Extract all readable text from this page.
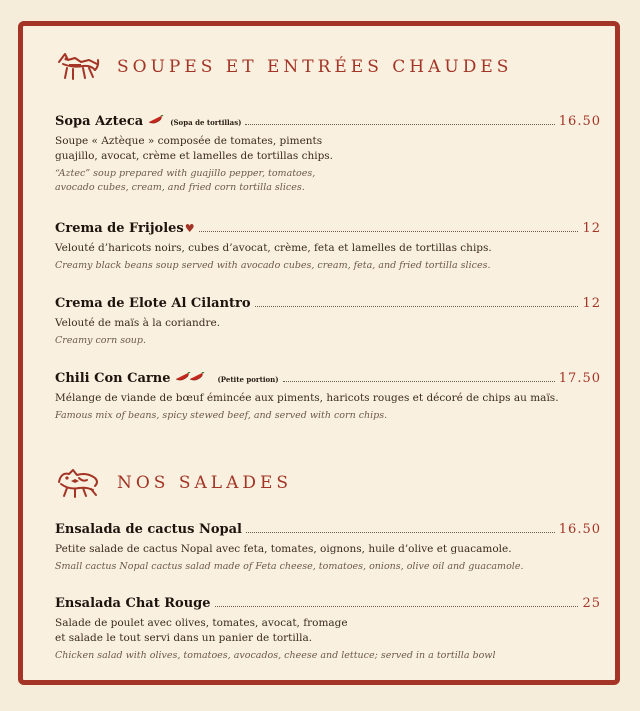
SOUPES ET ENTRÉES CHAUDES
Sopa Azteca	(Sopa de tortillas)	16.50
Soupe « Aztèque » composée de tomates, piments
guajillo, avocat, crème et lamelles de tortillas chips.
“Aztec” soup prepared with guajillo pepper, tomatoes,
avocado cubes, cream, and fried corn tortilla slices.
Crema de Frijoles ♥	12
Velouté d’haricots noirs, cubes d’avocat, crème, feta et lamelles de tortillas chips.
Creamy black beans soup served with avocado cubes, cream, feta, and fried tortilla slices.
Crema de Elote Al Cilantro	12
Velouté de maïs à la coriandre.
Creamy corn soup.
Chili Con Carne	(Petite portion)	17.50
Mélange de viande de bœuf émincée aux piments, haricots rouges et décoré de chips au maïs.
Famous mix of beans, spicy stewed beef, and served with corn chips.
NOS SALADES
Ensalada de cactus Nopal	16.50
Petite salade de cactus Nopal avec feta, tomates, oignons, huile d’olive et guacamole.
Small cactus Nopal cactus salad made of Feta cheese, tomatoes, onions, olive oil and guacamole.
Ensalada Chat Rouge	25
Salade de poulet avec olives, tomates, avocat, fromage
et salade le tout servi dans un panier de tortilla.
Chicken salad with olives, tomatoes, avocados, cheese and lettuce; served in a tortilla bowl
